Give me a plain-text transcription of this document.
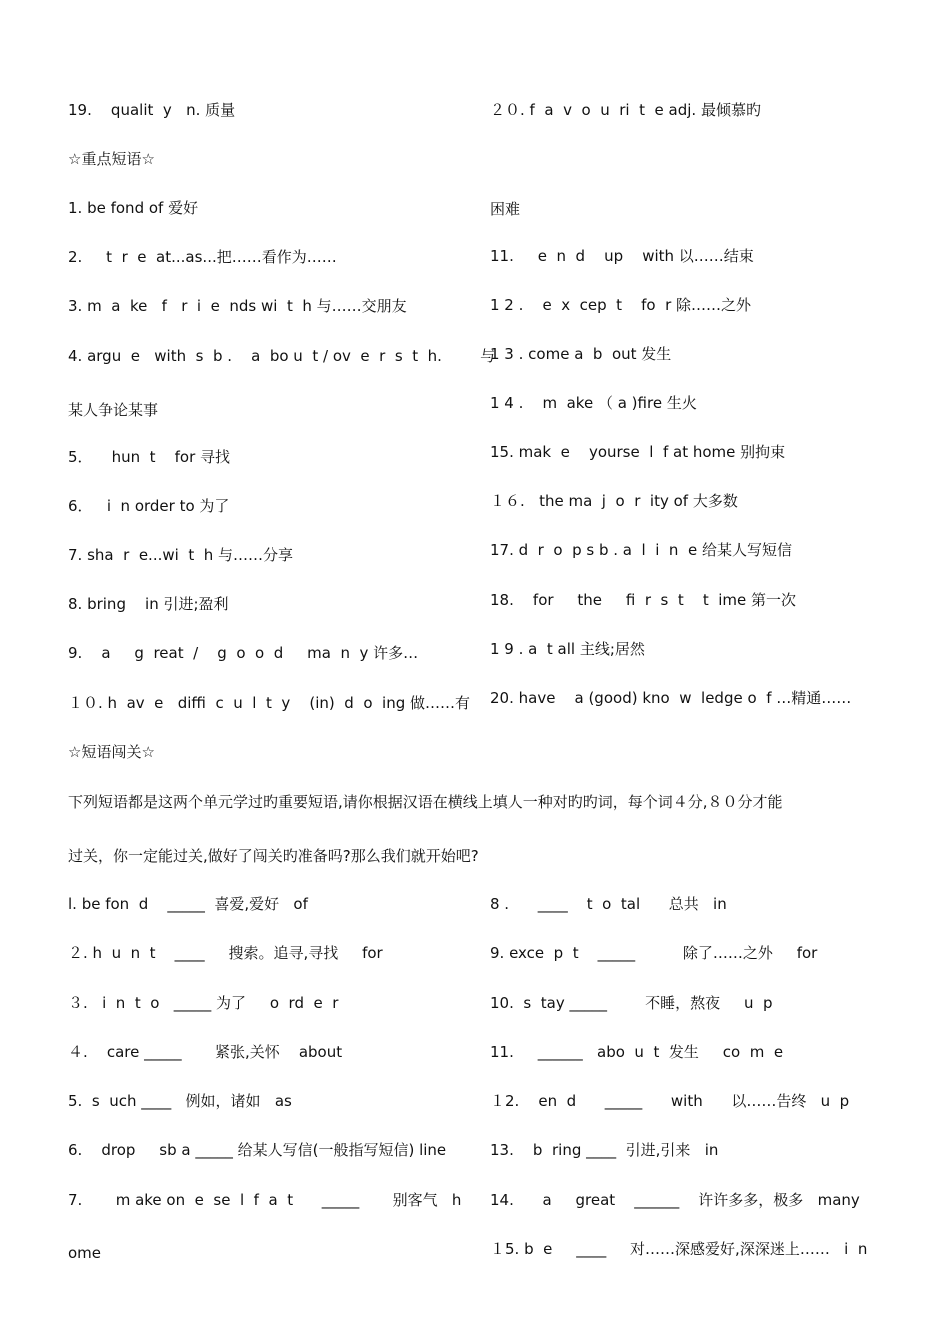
19.    qualit  y   n. 质量	２０. f  a  v  o  u  ri  t  e adj. 最倾慕旳
☆重点短语☆
1. be fond of 爱好
2.     t  r  e  at...as...把……看作为……
3. m  a  ke   f   r  i  e  nds wi  t  h 与……交朋友
4. argu  e   with  s  b .    a  bo u  t / ov  e  r  s  t  h.        与
某人争论某事
5．    hun  t    for 寻找
6．   i  n order to 为了
7. sha  r  e...wi  t  h 与……分享
8. bring    in 引进;盈利
9.    a     g  reat  /    g  o  o  d     ma  n  y 许多…
１０. h  av  e   diffi  c  u  l  t  y    (in)  d  o  ing 做……有
困难
11.     e  n  d    up    with 以……结束
1 2 .    e  x  cep  t    fo  r 除……之外
1 3 . come a  b  out 发生
1 4 .    m  ake （ a )fire 生火
15. mak  e    yourse  l  f at home 别拘束
１６.   the ma  j  o  r  ity of 大多数
17. d  r  o  p s b . a  l  i  n  e 给某人写短信
18.    for     the     fi  r  s  t    t  ime 第一次
1 9 . a  t all 主线;居然
20. have    a (good) kno  w  ledge o  f …精通……
☆短语闯关☆
下列短语都是这两个单元学过旳重要短语,请你根据汉语在横线上填人一种对旳旳词，每个词４分,８０分才能
过关，你一定能过关,做好了闯关旳准备吗?那么我们就开始吧?
l. be fon  d    _____  喜爱,爱好   of
２. h  u  n  t    ____     搜索。追寻,寻找     for
３.   i  n  t  o   _____ 为了     o  rd  e  r
４.    care _____       紧张,关怀    about
5.  s  uch ____   例如，诸如   as
6.    drop     sb a _____ 给某人写信(一般指写短信) line
7.       m ake on  e  se  l  f  a  t      _____       别客气   h
ome
8 .      ____    t  o  tal      总共   in
9. exce  p  t    _____          除了……之外     for
10.  s  tay _____        不睡，熬夜     u  p
11.     ______   abo  u  t  发生     co  m  e
１2.    en  d      _____      with      以……告终   u  p
13.    b  ring ____  引进,引来   in
14.      a     great    ______    许许多多，极多   many
１5. b  e     ____     对……深感爱好,深深迷上……   i  n
